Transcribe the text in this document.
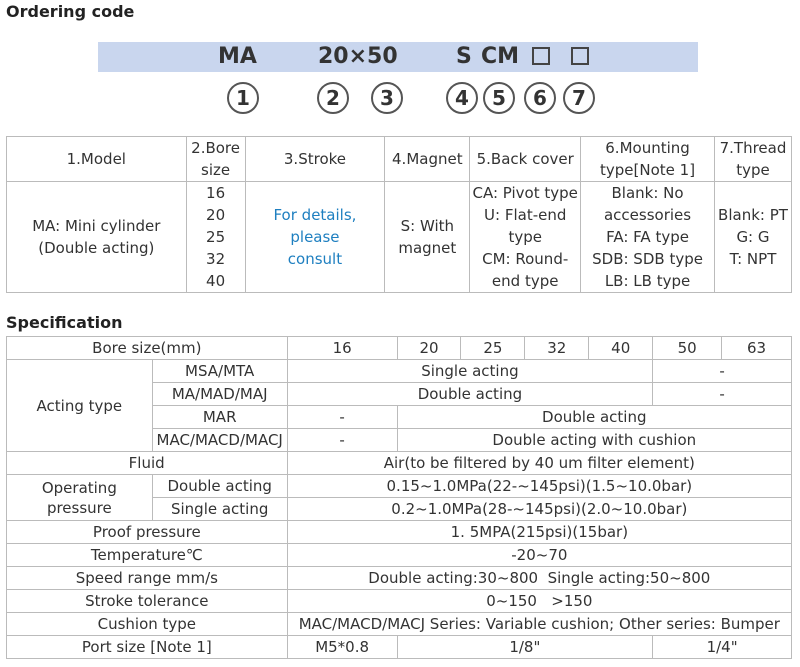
Ordering code
MA	20×50	S CM
1	2	3	4	5	6	7
1.Model	2.Bore
size	3.Stroke	4.Magnet	5.Back cover	6.Mounting
type[Note 1]	7.Thread
type
MA: Mini cylinder
(Double acting)	16
20
25
32
40	For details, please
consult	S: With
magnet	CA: Pivot type
U: Flat-end
type
CM: Round-
end type	Blank: No
accessories
FA: FA type
SDB: SDB type
LB: LB type	Blank: PT
G: G
T: NPT
Specification
Bore size(mm)		16	20	25	32	40	50	63
Acting type	MSA/MTA	Single acting					-	
	MA/MAD/MAJ	Double acting					-	
	MAR	-	Double acting					
	MAC/MACD/MACJ	-	Double acting with cushion					
Fluid		Air(to be filtered by 40 um filter element)						
Operating pressure	Double acting	0.15~1.0MPa(22-~145psi)(1.5~10.0bar)						
	Single acting	0.2~1.0MPa(28-~145psi)(2.0~10.0bar)						
Proof pressure		1. 5MPA(215psi)(15bar)						
Temperature℃		-20~70						
Speed range mm/s		Double acting:30~800  Single acting:50~800						
Stroke tolerance		0~150   >150						
Cushion type		MAC/MACD/MACJ Series: Variable cushion; Other series: Bumper						
Port size [Note 1]		M5*0.8	1/8"				1/4"	
